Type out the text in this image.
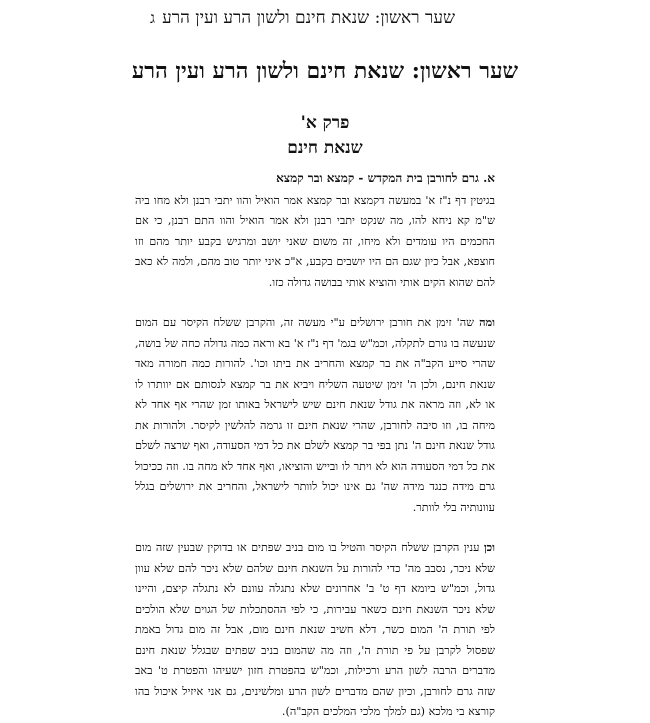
שער ראשון: שנאת חינם ולשון הרע ועין הרע
ג
שער ראשון: שנאת חינם ולשון הרע ועין הרע
פרק א'
שנאת חינם
א. גרם לחורבן בית המקדש - קמצא ובר קמצא

בגיטין דף נ"ז א' במעשה דקמצא ובר קמצא אמר הואיל והוו יתבי רבנן ולא מחו ביה ש"מ קא ניחא להו, מה שנקט יתבי רבנן ולא אמר הואיל והוו התם רבנן, כי אם החכמים היו עומדים ולא מיחו, זה משום שאני יושב ומרגיש בקבע יותר מהם וזו חוצפא, אבל כיון שגם הם היו יושבים בקבע, א"כ איני יותר טוב מהם, ולמה לא כאב להם שהוא הקים אותי והוציא אותי בבושה גדולה כזו.

ומה שה' זימן את חורבן ירושלים ע"י מעשה זה, והקרבן ששלח הקיסר עם המום שנעשה בו גורם לתקלה, וכמ"ש בגמ' דף נ"ז א' בא וראה כמה גדולה כחה של בושה, שהרי סייע הקב"ה את בר קמצא והחריב את ביתו וכו'. להורות כמה חמורה מאד שנאת חינם, ולכן ה' זימן שיטעה השליח ויביא את בר קמצא לנסותם אם יוותרו לו או לא, וזה מראה את גודל שנאת חינם שיש לישראל באותו זמן שהרי אף אחד לא מיחה בו, וזו סיבה לחורבן, שהרי שנאת חינם זו גרמה להלשין לקיסר. ולהורות את גודל שנאת חינם ה' נתן בפי בר קמצא לשלם את כל דמי הסעודה, ואף שרצה לשלם את כל דמי הסעודה הוא לא ויתר לו ובייש והוציאו, ואף אחד לא מחה בו. וזה ככיכול גרם מידה כנגד מידה שה' גם אינו יכול לוותר לישראל, והחריב את ירושלים בגלל עוונותיה בלי לוותר.

וכן ענין הקרבן ששלח הקיסר והטיל בו מום בניב שפתים או בדוקין שבעין שזה מום שלא ניכר, נסבב מה' כדי להורות על השנאת חינם שלהם שלא ניכר להם שלא עוון גדול, וכמ"ש ביומא דף ט' ב' אחרונים שלא נתגלה עוונם לא נתגלה קיצם, והיינו שלא ניכר השנאת חינם כשאר עבירות, כי לפי ההסתכלות של הגוים שלא הולכים לפי תורת ה' המום כשר, דלא חשיב שנאת חינם מום, אבל זה מום גדול באמת שפסול לקרבן על פי תורת ה', וזה מה שהמום בניב שפתים שבגלל שנאת חינם מדברים הרבה לשון הרע ורכילות, וכמ"ש בהפטרת חזון ישעיהו והפטרת ט' באב שזה גרם לחורבן, וכיון שהם מדברים לשון הרע ומלשינים, גם אני איזיל איכול בהו קורצא בי מלכא (גם למלך מלכי המלכים הקב"ה).
